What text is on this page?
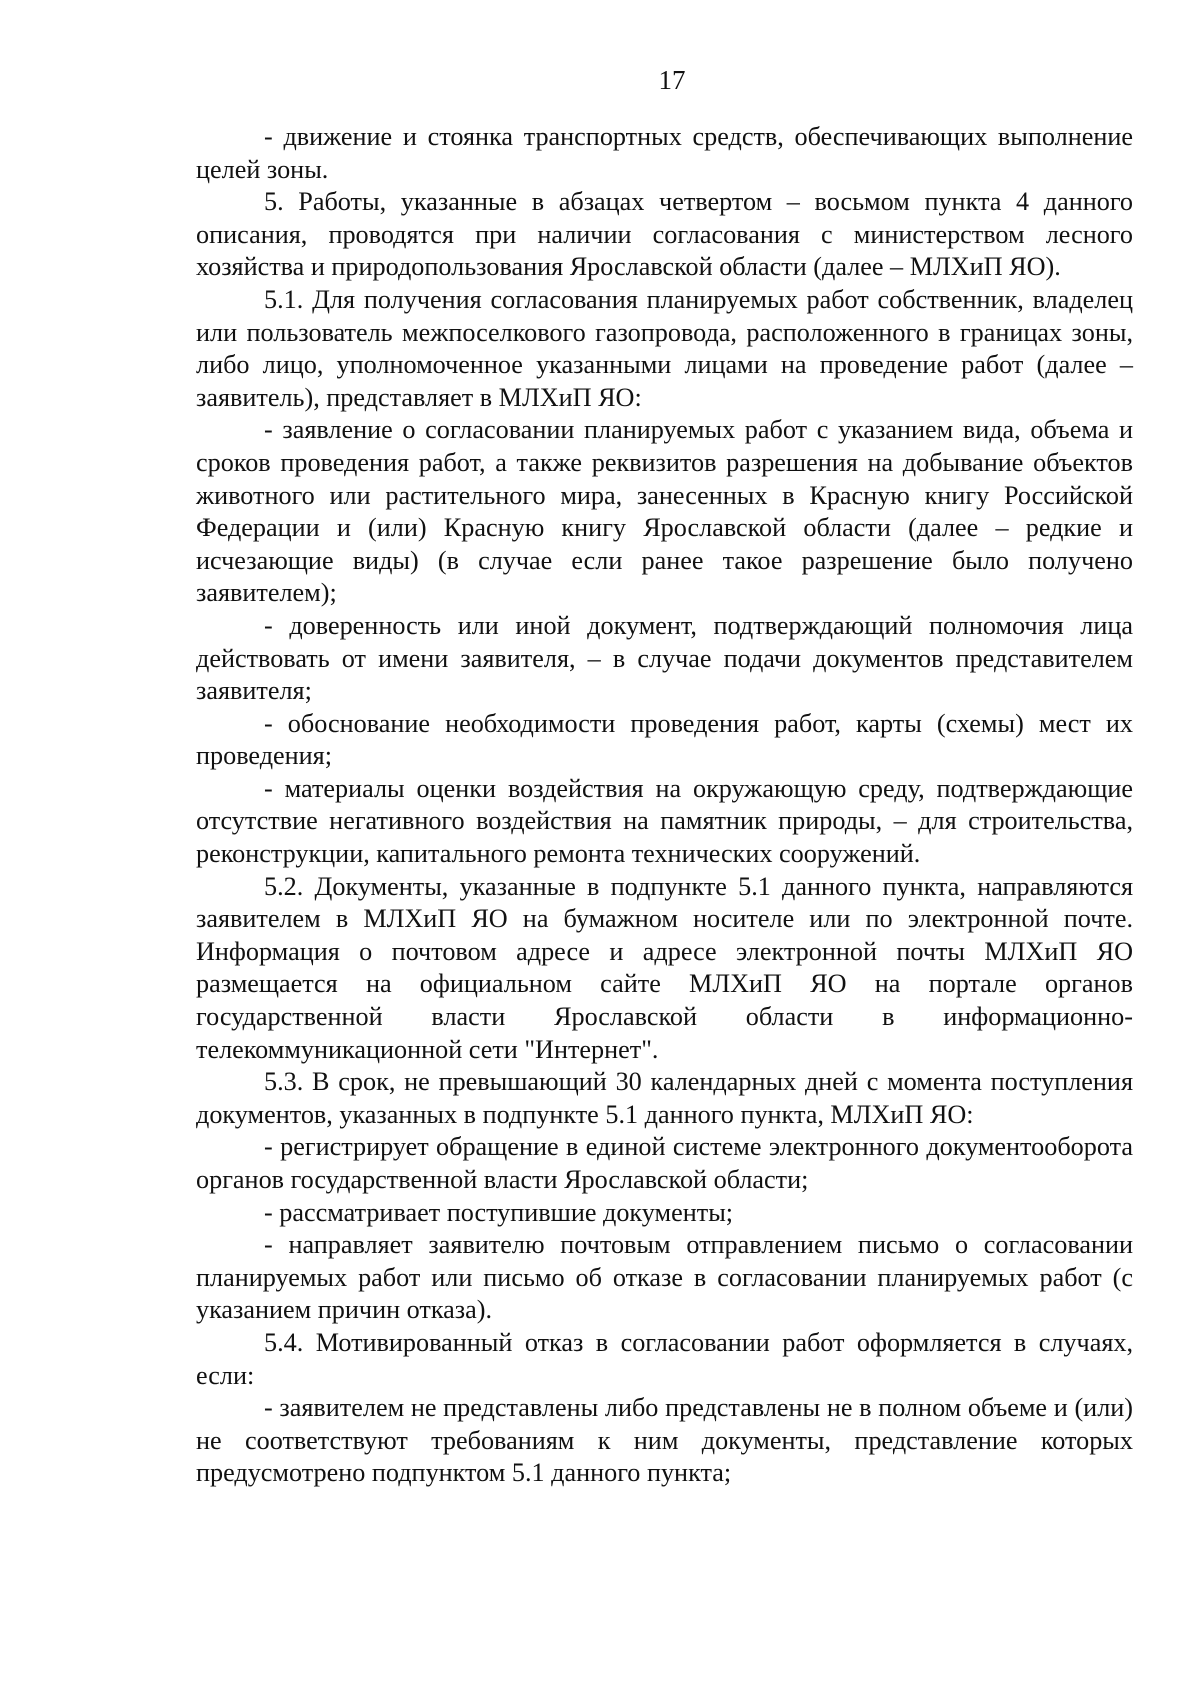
17

- движение и стоянка транспортных средств, обеспечивающих выполнение целей зоны.

5. Работы, указанные в абзацах четвертом – восьмом пункта 4 данного описания, проводятся при наличии согласования с министерством лесного хозяйства и природопользования Ярославской области (далее – МЛХиП ЯО).

5.1. Для получения согласования планируемых работ собственник, владелец или пользователь межпоселкового газопровода, расположенного в границах зоны, либо лицо, уполномоченное указанными лицами на проведение работ (далее – заявитель), представляет в МЛХиП ЯО:

- заявление о согласовании планируемых работ с указанием вида, объема и сроков проведения работ, а также реквизитов разрешения на добывание объектов животного или растительного мира, занесенных в Красную книгу Российской Федерации и (или) Красную книгу Ярославской области (далее – редкие и исчезающие виды) (в случае если ранее такое разрешение было получено заявителем);

- доверенность или иной документ, подтверждающий полномочия лица действовать от имени заявителя, – в случае подачи документов представителем заявителя;

- обоснование необходимости проведения работ, карты (схемы) мест их проведения;

- материалы оценки воздействия на окружающую среду, подтверждающие отсутствие негативного воздействия на памятник природы, – для строительства, реконструкции, капитального ремонта технических сооружений.

5.2. Документы, указанные в подпункте 5.1 данного пункта, направляются заявителем в МЛХиП ЯО на бумажном носителе или по электронной почте. Информация о почтовом адресе и адресе электронной почты МЛХиП ЯО размещается на официальном сайте МЛХиП ЯО на портале органов государственной власти Ярославской области в информационно-телекоммуникационной сети "Интернет".

5.3. В срок, не превышающий 30 календарных дней с момента поступления документов, указанных в подпункте 5.1 данного пункта, МЛХиП ЯО:

- регистрирует обращение в единой системе электронного документооборота органов государственной власти Ярославской области;

- рассматривает поступившие документы;

- направляет заявителю почтовым отправлением письмо о согласовании планируемых работ или письмо об отказе в согласовании планируемых работ (с указанием причин отказа).

5.4. Мотивированный отказ в согласовании работ оформляется в случаях, если:

- заявителем не представлены либо представлены не в полном объеме и (или) не соответствуют требованиям к ним документы, представление которых предусмотрено подпунктом 5.1 данного пункта;
